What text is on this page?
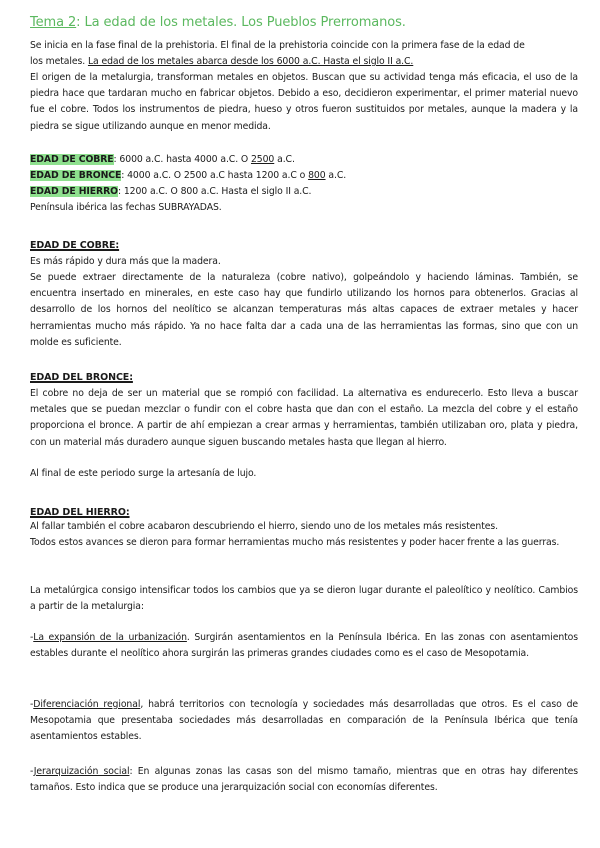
Tema 2: La edad de los metales. Los Pueblos Prerromanos.

Se inicia en la fase final de la prehistoria. El final de la prehistoria coincide con la primera fase de la edad de

los metales. La edad de los metales abarca desde los 6000 a.C. Hasta el siglo II a.C.

El origen de la metalurgia, transforman metales en objetos. Buscan que su actividad tenga más eficacia, el uso de la piedra hace que tardaran mucho en fabricar objetos. Debido a eso, decidieron experimentar, el primer material nuevo fue el cobre. Todos los instrumentos de piedra, hueso y otros fueron sustituidos por metales, aunque la madera y la piedra se sigue utilizando aunque en menor medida.

EDAD DE COBRE: 6000 a.C. hasta 4000 a.C. O 2500 a.C.

EDAD DE BRONCE: 4000 a.C. O 2500 a.C hasta 1200 a.C o 800 a.C.

EDAD DE HIERRO: 1200 a.C. O 800 a.C. Hasta el siglo II a.C.

Península ibérica las fechas SUBRAYADAS.

EDAD DE COBRE:

Es más rápido y dura más que la madera.

Se puede extraer directamente de la naturaleza (cobre nativo), golpeándolo y haciendo láminas. También, se encuentra insertado en minerales, en este caso hay que fundirlo utilizando los hornos para obtenerlos. Gracias al desarrollo de los hornos del neolítico se alcanzan temperaturas más altas capaces de extraer metales y hacer herramientas mucho más rápido. Ya no hace falta dar a cada una de las herramientas las formas, sino que con un molde es suficiente.

EDAD DEL BRONCE:

El cobre no deja de ser un material que se rompió con facilidad. La alternativa es endurecerlo. Esto lleva a buscar metales que se puedan mezclar o fundir con el cobre hasta que dan con el estaño. La mezcla del cobre y el estaño proporciona el bronce. A partir de ahí empiezan a crear armas y herramientas, también utilizaban oro, plata y piedra, con un material más duradero aunque siguen buscando metales hasta que llegan al hierro.

Al final de este periodo surge la artesanía de lujo.

EDAD DEL HIERRO:

Al fallar también el cobre acabaron descubriendo el hierro, siendo uno de los metales más resistentes.

Todos estos avances se dieron para formar herramientas mucho más resistentes y poder hacer frente a las guerras.

La metalúrgica consigo intensificar todos los cambios que ya se dieron lugar durante el paleolítico y neolítico. Cambios a partir de la metalurgia:

-La expansión de la urbanización. Surgirán asentamientos en la Península Ibérica. En las zonas con asentamientos estables durante el neolítico ahora surgirán las primeras grandes ciudades como es el caso de Mesopotamia.

-Diferenciación regional, habrá territorios con tecnología y sociedades más desarrolladas que otros. Es el caso de Mesopotamia que presentaba sociedades más desarrolladas en comparación de la Península Ibérica que tenía asentamientos estables.

-Jerarquización social: En algunas zonas las casas son del mismo tamaño, mientras que en otras hay diferentes tamaños. Esto indica que se produce una jerarquización social con economías diferentes.
